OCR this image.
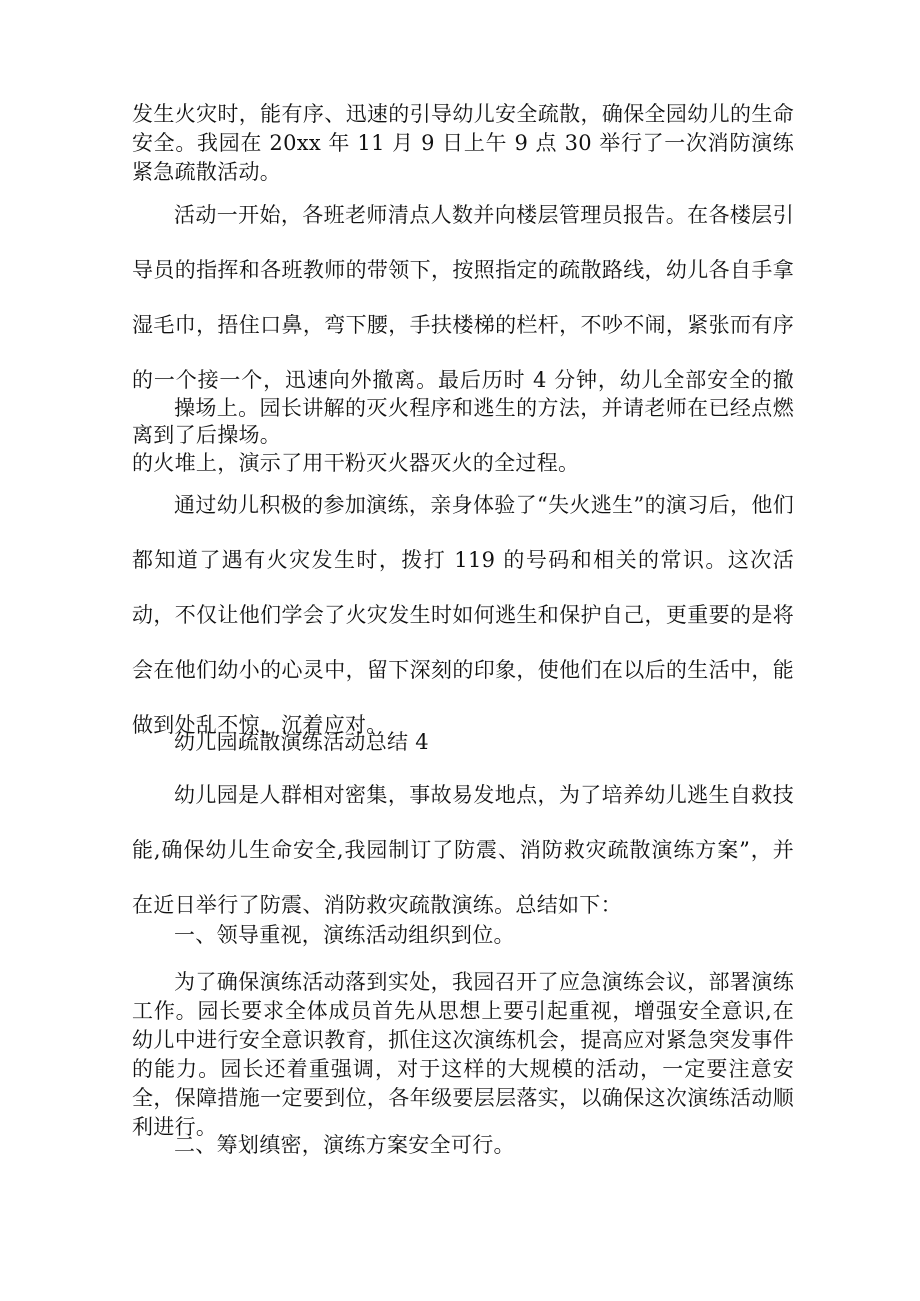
发生火灾时，能有序、迅速的引导幼儿安全疏散，确保全园幼儿的生命安全。我园在 20xx 年 11 月 9 日上午 9 点 30 举行了一次消防演练紧急疏散活动。

活动一开始，各班老师清点人数并向楼层管理员报告。在各楼层引导员的指挥和各班教师的带领下，按照指定的疏散路线，幼儿各自手拿湿毛巾，捂住口鼻，弯下腰，手扶楼梯的栏杆，不吵不闹，紧张而有序的一个接一个，迅速向外撤离。最后历时 4 分钟，幼儿全部安全的撤离到了后操场。

操场上。园长讲解的灭火程序和逃生的方法，并请老师在已经点燃的火堆上，演示了用干粉灭火器灭火的全过程。

通过幼儿积极的参加演练，亲身体验了“失火逃生”的演习后，他们都知道了遇有火灾发生时，拨打 119 的号码和相关的常识。这次活动，不仅让他们学会了火灾发生时如何逃生和保护自己，更重要的是将会在他们幼小的心灵中，留下深刻的印象，使他们在以后的生活中，能做到处乱不惊，沉着应对。

幼儿园疏散演练活动总结 4

幼儿园是人群相对密集，事故易发地点，为了培养幼儿逃生自救技能,确保幼儿生命安全,我园制订了防震、消防救灾疏散演练方案”，并在近日举行了防震、消防救灾疏散演练。总结如下：

一、领导重视，演练活动组织到位。

为了确保演练活动落到实处，我园召开了应急演练会议，部署演练工作。园长要求全体成员首先从思想上要引起重视，增强安全意识,在幼儿中进行安全意识教育，抓住这次演练机会，提高应对紧急突发事件的能力。园长还着重强调，对于这样的大规模的活动，一定要注意安全，保障措施一定要到位，各年级要层层落实，以确保这次演练活动顺利进行。

二、筹划缜密，演练方案安全可行。
